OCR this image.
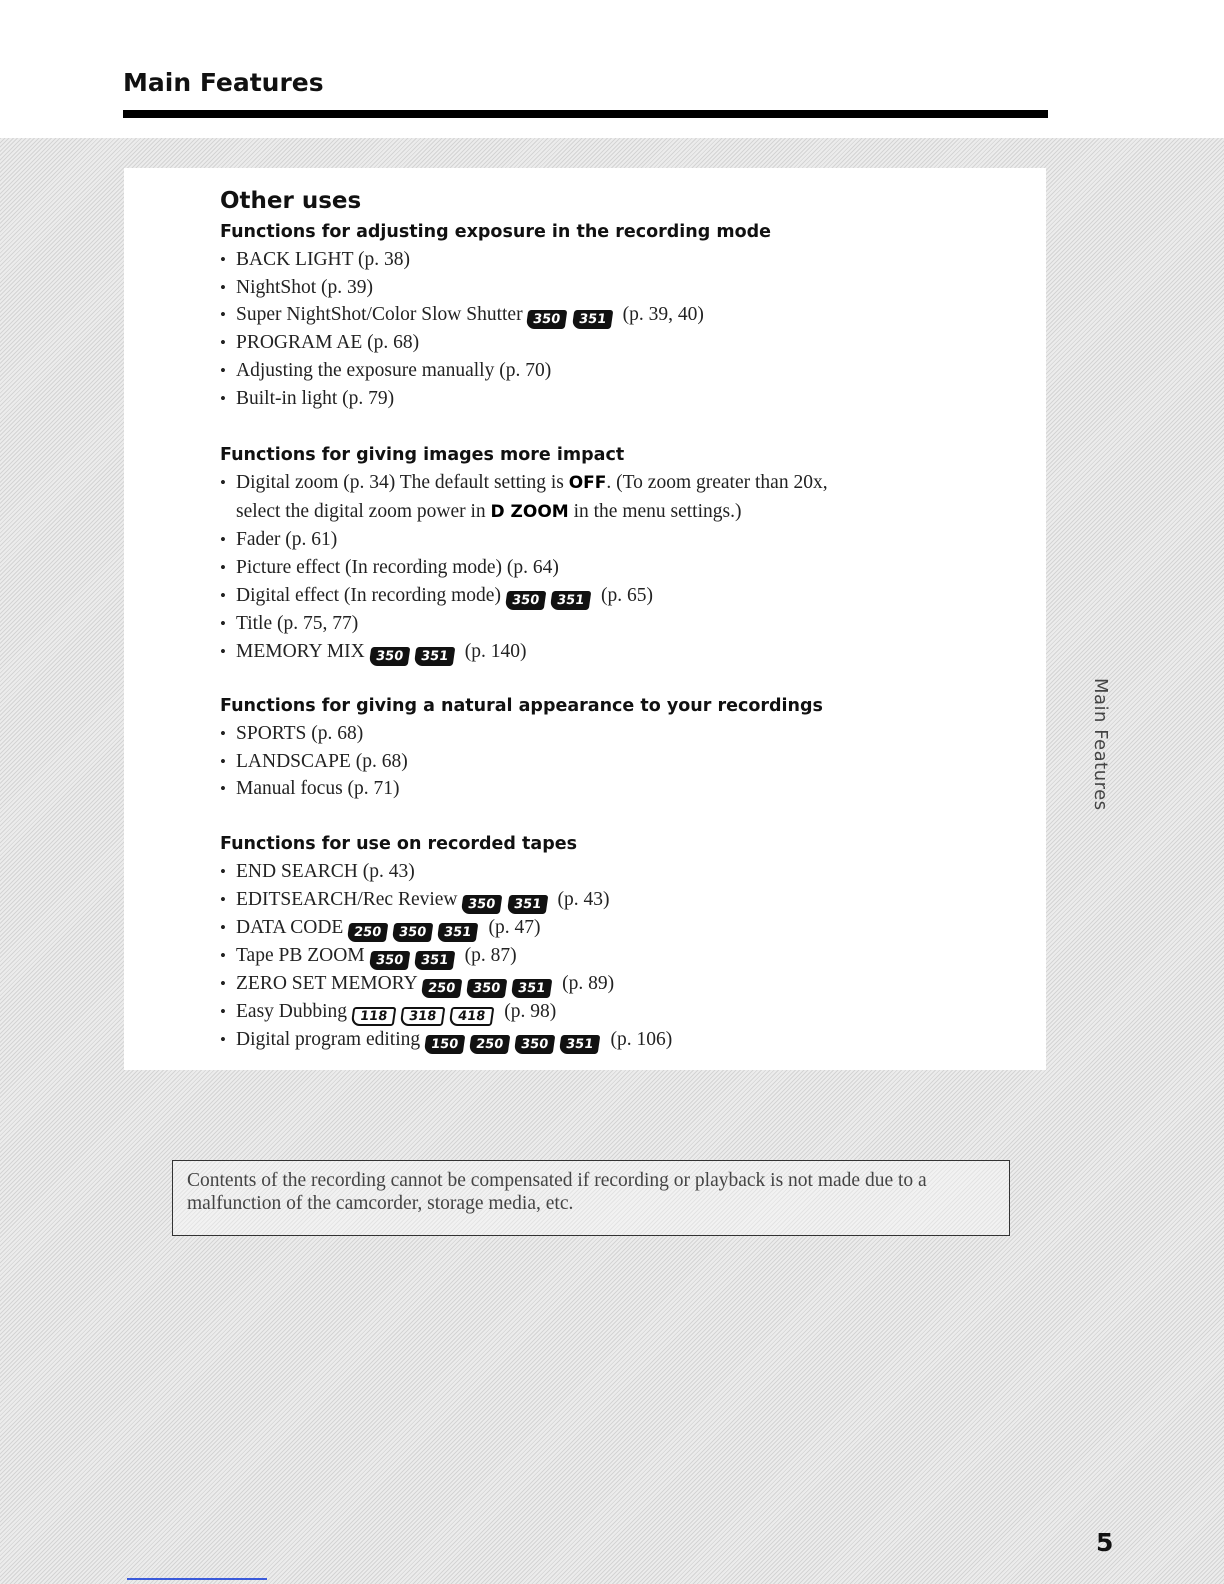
Main Features
Other uses
Functions for adjusting exposure in the recording mode
• BACK LIGHT (p. 38)
• NightShot (p. 39)
• Super NightShot/Color Slow Shutter 350 351 (p. 39, 40)
• PROGRAM AE (p. 68)
• Adjusting the exposure manually (p. 70)
• Built-in light (p. 79)
Functions for giving images more impact
• Digital zoom (p. 34) The default setting is OFF. (To zoom greater than 20x,
select the digital zoom power in D ZOOM in the menu settings.)
• Fader (p. 61)
• Picture effect (In recording mode) (p. 64)
• Digital effect (In recording mode) 350 351 (p. 65)
• Title (p. 75, 77)
• MEMORY MIX 350 351 (p. 140)
Functions for giving a natural appearance to your recordings
• SPORTS (p. 68)
• LANDSCAPE (p. 68)
• Manual focus (p. 71)
Functions for use on recorded tapes
• END SEARCH (p. 43)
• EDITSEARCH/Rec Review 350 351 (p. 43)
• DATA CODE 250 350 351 (p. 47)
• Tape PB ZOOM 350 351 (p. 87)
• ZERO SET MEMORY 250 350 351 (p. 89)
• Easy Dubbing 118 318 418 (p. 98)
• Digital program editing 150 250 350 351 (p. 106)
Main Features
Contents of the recording cannot be compensated if recording or playback is not made due to a malfunction of the camcorder, storage media, etc.
5
